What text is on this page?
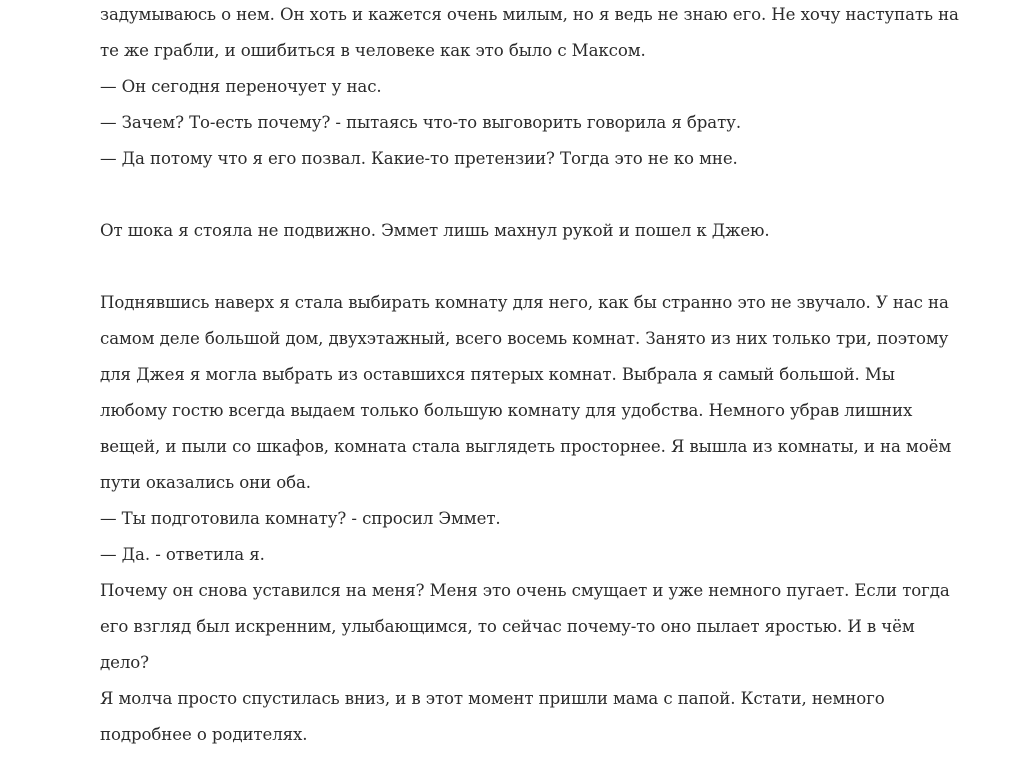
задумываюсь о нем. Он хоть и кажется очень милым, но я ведь не знаю его. Не хочу наступать на
те же грабли, и ошибиться в человеке как это было с Максом.
— Он сегодня переночует у нас.
— Зачем? То-есть почему? - пытаясь что-то выговорить говорила я брату.
— Да потому что я его позвал. Какие-то претензии? Тогда это не ко мне.
От шока я стояла не подвижно. Эммет лишь махнул рукой и пошел к Джею.
Поднявшись наверх я стала выбирать комнату для него, как бы странно это не звучало. У нас на
самом деле большой дом, двухэтажный, всего восемь комнат. Занято из них только три, поэтому
для Джея я могла выбрать из оставшихся пятерых комнат. Выбрала я самый большой. Мы
любому гостю всегда выдаем только большую комнату для удобства. Немного убрав лишних
вещей, и пыли со шкафов, комната стала выглядеть просторнее. Я вышла из комнаты, и на моём
пути оказались они оба.
— Ты подготовила комнату? - спросил Эммет.
— Да. - ответила я.
Почему он снова уставился на меня? Меня это очень смущает и уже немного пугает. Если тогда
его взгляд был искренним, улыбающимся, то сейчас почему-то оно пылает яростью. И в чём
дело?
Я молча просто спустилась вниз, и в этот момент пришли мама с папой. Кстати, немного
подробнее о родителях.
